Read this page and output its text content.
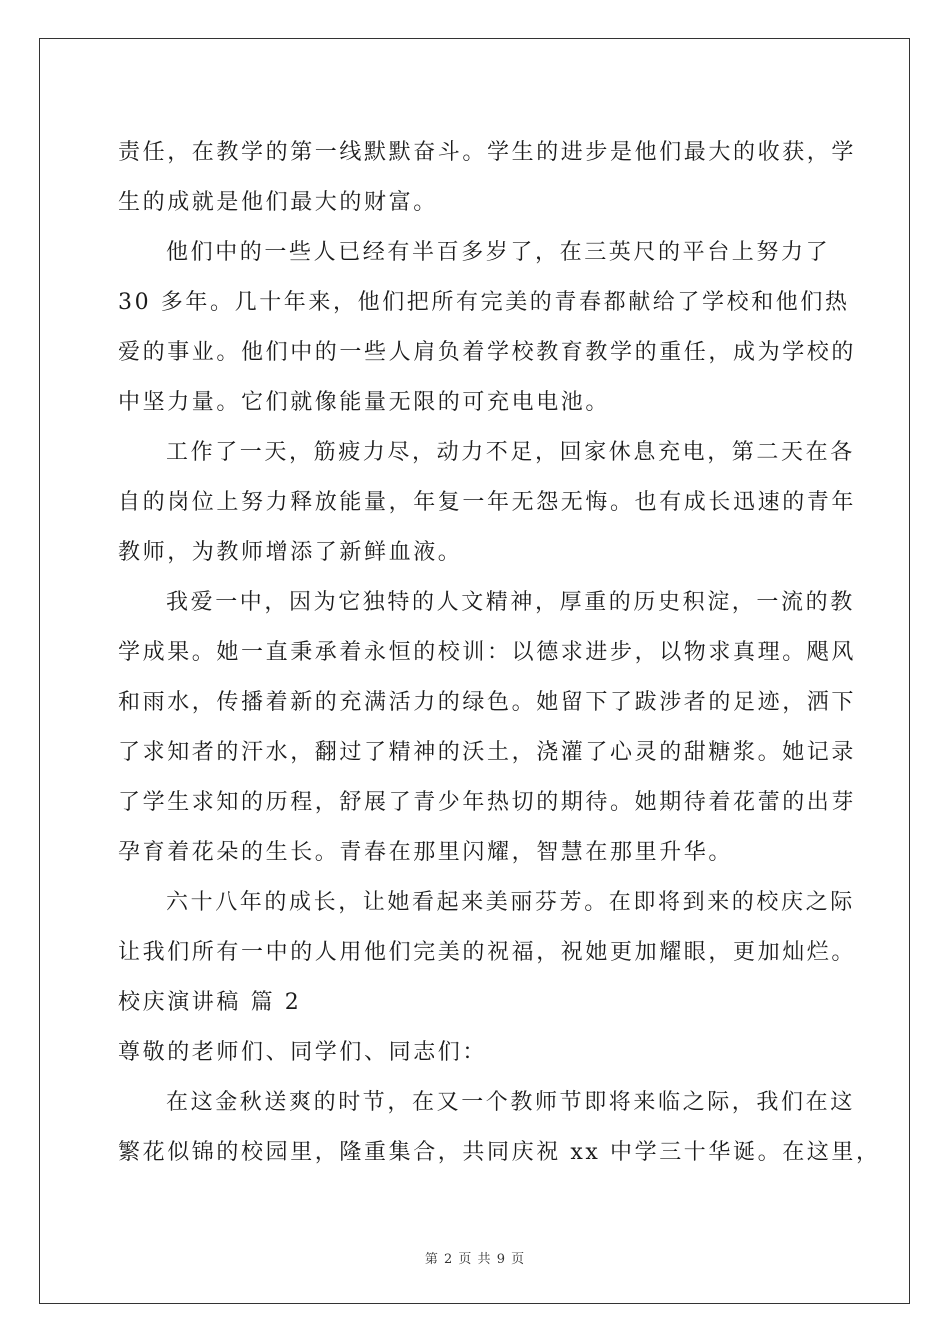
责任，在教学的第一线默默奋斗。学生的进步是他们最大的收获，学

生的成就是他们最大的财富。

他们中的一些人已经有半百多岁了，在三英尺的平台上努力了

30 多年。几十年来，他们把所有完美的青春都献给了学校和他们热

爱的事业。他们中的一些人肩负着学校教育教学的重任，成为学校的

中坚力量。它们就像能量无限的可充电电池。

工作了一天，筋疲力尽，动力不足，回家休息充电，第二天在各

自的岗位上努力释放能量，年复一年无怨无悔。也有成长迅速的青年

教师，为教师增添了新鲜血液。

我爱一中，因为它独特的人文精神，厚重的历史积淀，一流的教

学成果。她一直秉承着永恒的校训：以德求进步，以物求真理。飓风

和雨水，传播着新的充满活力的绿色。她留下了跋涉者的足迹，洒下

了求知者的汗水，翻过了精神的沃土，浇灌了心灵的甜糖浆。她记录

了学生求知的历程，舒展了青少年热切的期待。她期待着花蕾的出芽

孕育着花朵的生长。青春在那里闪耀，智慧在那里升华。

六十八年的成长，让她看起来美丽芬芳。在即将到来的校庆之际

让我们所有一中的人用他们完美的祝福，祝她更加耀眼，更加灿烂。

校庆演讲稿 篇 2

尊敬的老师们、同学们、同志们：

在这金秋送爽的时节，在又一个教师节即将来临之际，我们在这

繁花似锦的校园里，隆重集合，共同庆祝 xx 中学三十华诞。在这里，

第 2 页 共 9 页
